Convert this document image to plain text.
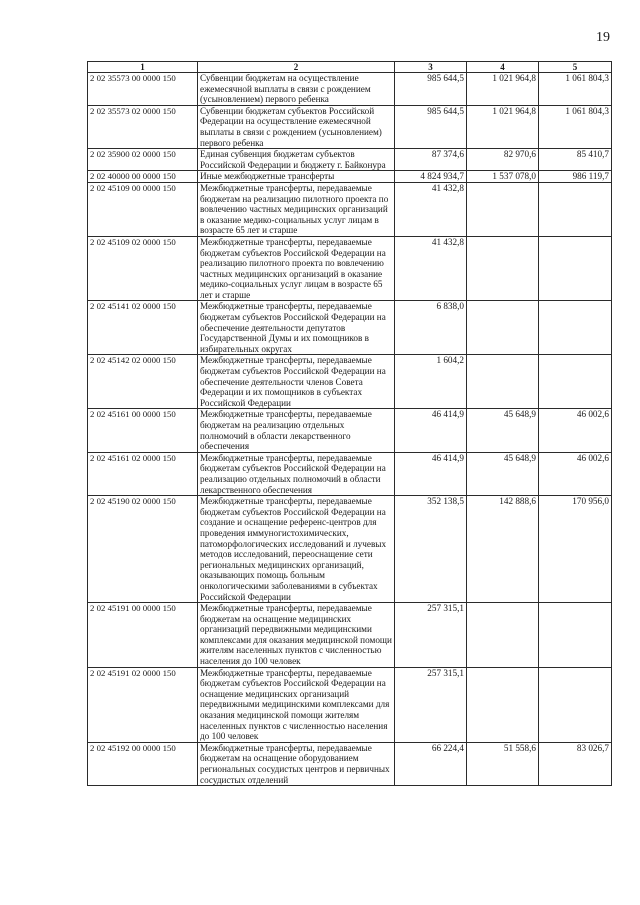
19
1	2	3	4	5
2 02 35573 00 0000 150	Субвенции бюджетам на осуществление ежемесячной выплаты в связи с рождением (усыновлением) первого ребенка	985 644,5	1 021 964,8	1 061 804,3
2 02 35573 02 0000 150	Субвенции бюджетам субъектов Российской Федерации на осуществление ежемесячной выплаты в связи с рождением (усыновлением) первого ребенка	985 644,5	1 021 964,8	1 061 804,3
2 02 35900 02 0000 150	Единая субвенция бюджетам субъектов Российской Федерации и бюджету г. Байконура	87 374,6	82 970,6	85 410,7
2 02 40000 00 0000 150	Иные межбюджетные трансферты	4 824 934,7	1 537 078,0	986 119,7
2 02 45109 00 0000 150	Межбюджетные трансферты, передаваемые бюджетам на реализацию пилотного проекта по вовлечению частных медицинских организаций в оказание медико-социальных услуг лицам в возрасте 65 лет и старше	41 432,8		
2 02 45109 02 0000 150	Межбюджетные трансферты, передаваемые бюджетам субъектов Российской Федерации на реализацию пилотного проекта по вовлечению частных медицинских организаций в оказание медико-социальных услуг лицам в возрасте 65 лет и старше	41 432,8		
2 02 45141 02 0000 150	Межбюджетные трансферты, передаваемые бюджетам субъектов Российской Федерации на обеспечение деятельности депутатов Государственной Думы и их помощников в избирательных округах	6 838,0		
2 02 45142 02 0000 150	Межбюджетные трансферты, передаваемые бюджетам субъектов Российской Федерации на обеспечение деятельности членов Совета Федерации и их помощников в субъектах Российской Федерации	1 604,2		
2 02 45161 00 0000 150	Межбюджетные трансферты, передаваемые бюджетам на реализацию отдельных полномочий в области лекарственного обеспечения	46 414,9	45 648,9	46 002,6
2 02 45161 02 0000 150	Межбюджетные трансферты, передаваемые бюджетам субъектов Российской Федерации на реализацию отдельных полномочий в области лекарственного обеспечения	46 414,9	45 648,9	46 002,6
2 02 45190 02 0000 150	Межбюджетные трансферты, передаваемые бюджетам субъектов Российской Федерации на создание и оснащение референс-центров для проведения иммуногистохимических, патоморфологических исследований и лучевых методов исследований, переоснащение сети региональных медицинских организаций, оказывающих помощь больным онкологическими заболеваниями в субъектах Российской Федерации	352 138,5	142 888,6	170 956,0
2 02 45191 00 0000 150	Межбюджетные трансферты, передаваемые бюджетам на оснащение медицинских организаций передвижными медицинскими комплексами для оказания медицинской помощи жителям населенных пунктов с численностью населения до 100 человек	257 315,1		
2 02 45191 02 0000 150	Межбюджетные трансферты, передаваемые бюджетам субъектов Российской Федерации на оснащение медицинских организаций передвижными медицинскими комплексами для оказания медицинской помощи жителям населенных пунктов с численностью населения до 100 человек	257 315,1		
2 02 45192 00 0000 150	Межбюджетные трансферты, передаваемые бюджетам на оснащение оборудованием региональных сосудистых центров и первичных сосудистых отделений	66 224,4	51 558,6	83 026,7
